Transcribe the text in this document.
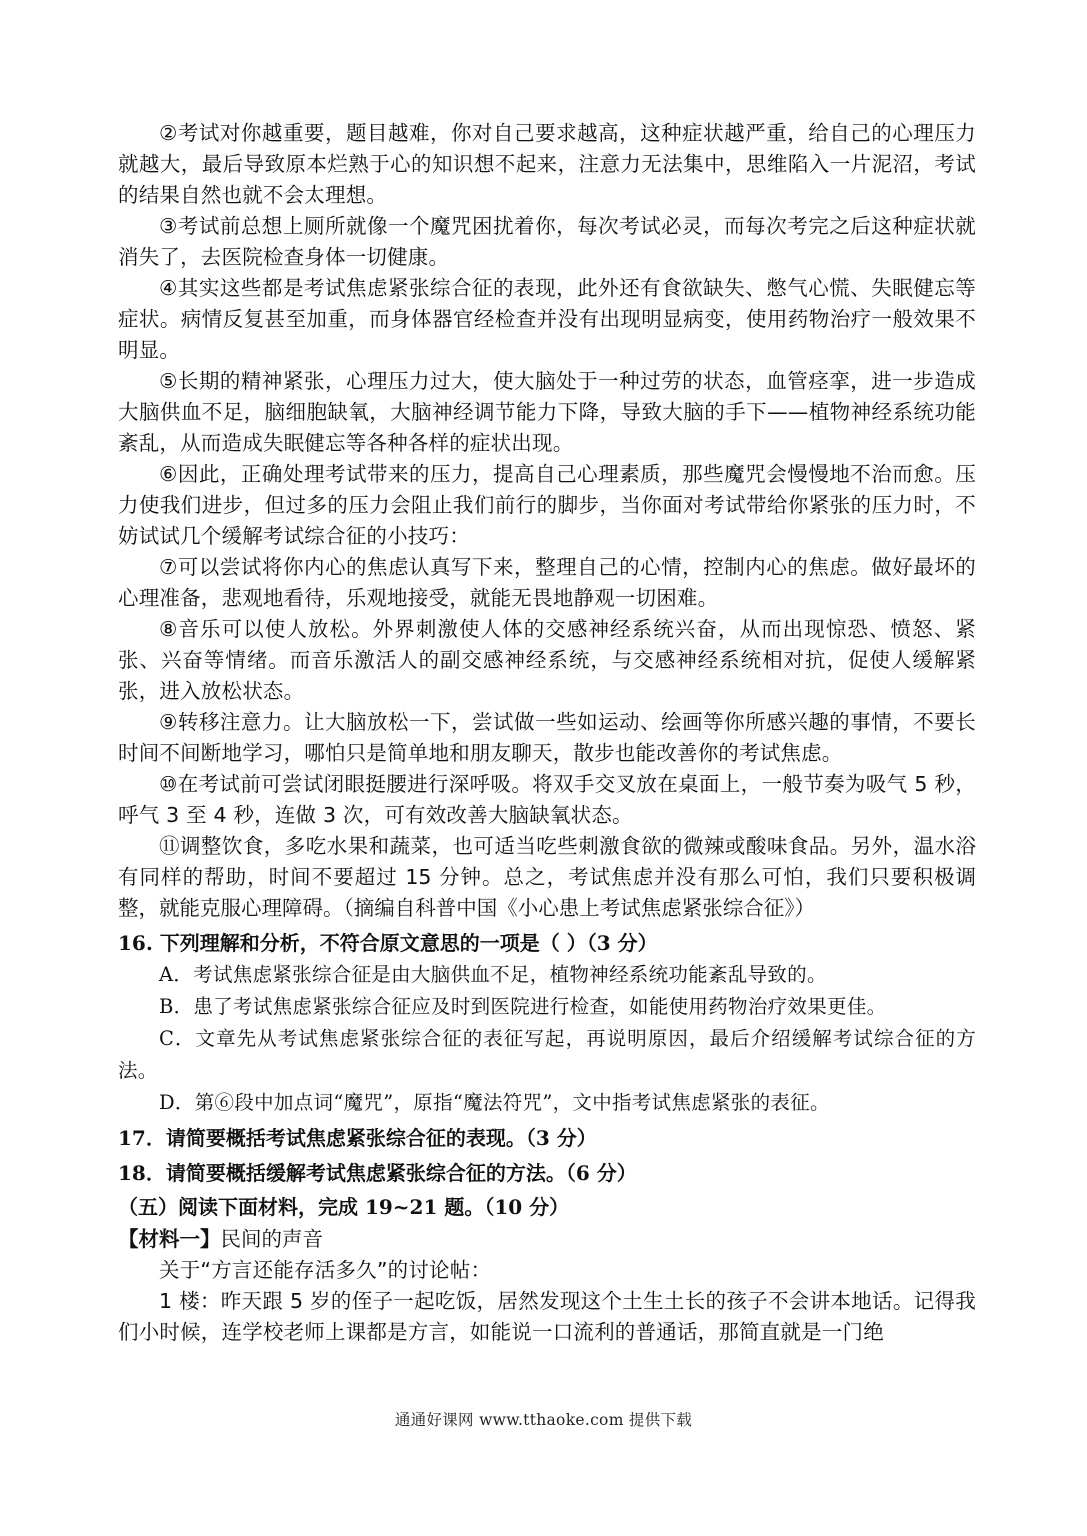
②考试对你越重要，题目越难，你对自己要求越高，这种症状越严重，给自己的心理压力就越大，最后导致原本烂熟于心的知识想不起来，注意力无法集中，思维陷入一片泥沼，考试的结果自然也就不会太理想。

③考试前总想上厕所就像一个魔咒困扰着你，每次考试必灵，而每次考完之后这种症状就消失了，去医院检查身体一切健康。

④其实这些都是考试焦虑紧张综合征的表现，此外还有食欲缺失、憋气心慌、失眠健忘等症状。病情反复甚至加重，而身体器官经检查并没有出现明显病变，使用药物治疗一般效果不明显。

⑤长期的精神紧张，心理压力过大，使大脑处于一种过劳的状态，血管痉挛，进一步造成大脑供血不足，脑细胞缺氧，大脑神经调节能力下降，导致大脑的手下——植物神经系统功能紊乱，从而造成失眠健忘等各种各样的症状出现。

⑥因此，正确处理考试带来的压力，提高自己心理素质，那些魔咒会慢慢地不治而愈。压力使我们进步，但过多的压力会阻止我们前行的脚步，当你面对考试带给你紧张的压力时，不妨试试几个缓解考试综合征的小技巧：

⑦可以尝试将你内心的焦虑认真写下来，整理自己的心情，控制内心的焦虑。做好最坏的心理准备，悲观地看待，乐观地接受，就能无畏地静观一切困难。

⑧音乐可以使人放松。外界刺激使人体的交感神经系统兴奋，从而出现惊恐、愤怒、紧张、兴奋等情绪。而音乐激活人的副交感神经系统，与交感神经系统相对抗，促使人缓解紧张，进入放松状态。

⑨转移注意力。让大脑放松一下，尝试做一些如运动、绘画等你所感兴趣的事情，不要长时间不间断地学习，哪怕只是简单地和朋友聊天，散步也能改善你的考试焦虑。

⑩在考试前可尝试闭眼挺腰进行深呼吸。将双手交叉放在桌面上，一般节奏为吸气 5 秒，呼气 3 至 4 秒，连做 3 次，可有效改善大脑缺氧状态。

⑪调整饮食，多吃水果和蔬菜，也可适当吃些刺激食欲的微辣或酸味食品。另外，温水浴有同样的帮助，时间不要超过 15 分钟。总之，考试焦虑并没有那么可怕，我们只要积极调整，就能克服心理障碍。（摘编自科普中国《小心患上考试焦虑紧张综合征》）

16. 下列理解和分析，不符合原文意思的一项是（ ）（3 分）

A．考试焦虑紧张综合征是由大脑供血不足，植物神经系统功能紊乱导致的。

B．患了考试焦虑紧张综合征应及时到医院进行检查，如能使用药物治疗效果更佳。

C．文章先从考试焦虑紧张综合征的表征写起，再说明原因，最后介绍缓解考试综合征的方法。

D．第⑥段中加点词“魔咒”，原指“魔法符咒”，文中指考试焦虑紧张的表征。

17．请简要概括考试焦虑紧张综合征的表现。（3 分）

18．请简要概括缓解考试焦虑紧张综合征的方法。（6 分）

（五）阅读下面材料，完成 19~21 题。（10 分）

【材料一】民间的声音

关于“方言还能存活多久”的讨论帖：

1 楼：昨天跟 5 岁的侄子一起吃饭，居然发现这个土生土长的孩子不会讲本地话。记得我们小时候，连学校老师上课都是方言，如能说一口流利的普通话，那简直就是一门绝

通通好课网 www.tthaoke.com 提供下载
